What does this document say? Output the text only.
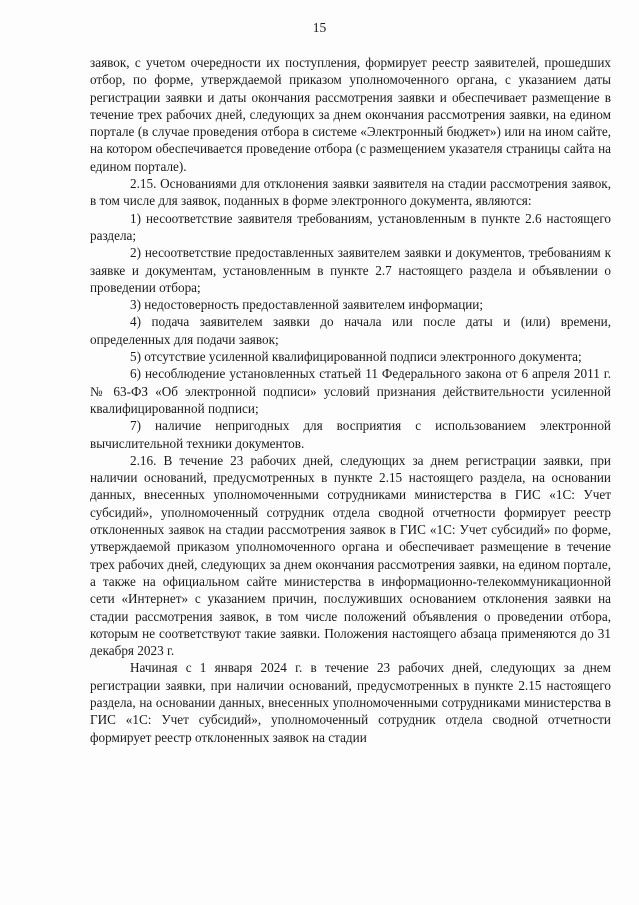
15

заявок, с учетом очередности их поступления, формирует реестр заявителей, прошедших отбор, по форме, утверждаемой приказом уполномоченного органа, с указанием даты регистрации заявки и даты окончания рассмотрения заявки и обеспечивает размещение в течение трех рабочих дней, следующих за днем окончания рассмотрения заявки, на едином портале (в случае проведения отбора в системе «Электронный бюджет») или на ином сайте, на котором обеспечивается проведение отбора (с размещением указателя страницы сайта на едином портале).

2.15. Основаниями для отклонения заявки заявителя на стадии рассмотрения заявок, в том числе для заявок, поданных в форме электронного документа, являются:

1) несоответствие заявителя требованиям, установленным в пункте 2.6 настоящего раздела;

2) несоответствие предоставленных заявителем заявки и документов, требованиям к заявке и документам, установленным в пункте 2.7 настоящего раздела и объявлении о проведении отбора;

3) недостоверность предоставленной заявителем информации;

4) подача заявителем заявки до начала или после даты и (или) времени, определенных для подачи заявок;

5) отсутствие усиленной квалифицированной подписи электронного документа;

6) несоблюдение установленных статьей 11 Федерального закона от 6 апреля 2011 г. № 63-ФЗ «Об электронной подписи» условий признания действительности усиленной квалифицированной подписи;

7) наличие непригодных для восприятия с использованием электронной вычислительной техники документов.

2.16. В течение 23 рабочих дней, следующих за днем регистрации заявки, при наличии оснований, предусмотренных в пункте 2.15 настоящего раздела, на основании данных, внесенных уполномоченными сотрудниками министерства в ГИС «1С: Учет субсидий», уполномоченный сотрудник отдела сводной отчетности формирует реестр отклоненных заявок на стадии рассмотрения заявок в ГИС «1С: Учет субсидий» по форме, утверждаемой приказом уполномоченного органа и обеспечивает размещение в течение трех рабочих дней, следующих за днем окончания рассмотрения заявки, на едином портале, а также на официальном сайте министерства в информационно-телекоммуникационной сети «Интернет» с указанием причин, послуживших основанием отклонения заявки на стадии рассмотрения заявок, в том числе положений объявления о проведении отбора, которым не соответствуют такие заявки. Положения настоящего абзаца применяются до 31 декабря 2023 г.

Начиная с 1 января 2024 г. в течение 23 рабочих дней, следующих за днем регистрации заявки, при наличии оснований, предусмотренных в пункте 2.15 настоящего раздела, на основании данных, внесенных уполномоченными сотрудниками министерства в ГИС «1С: Учет субсидий», уполномоченный сотрудник отдела сводной отчетности формирует реестр отклоненных заявок на стадии
